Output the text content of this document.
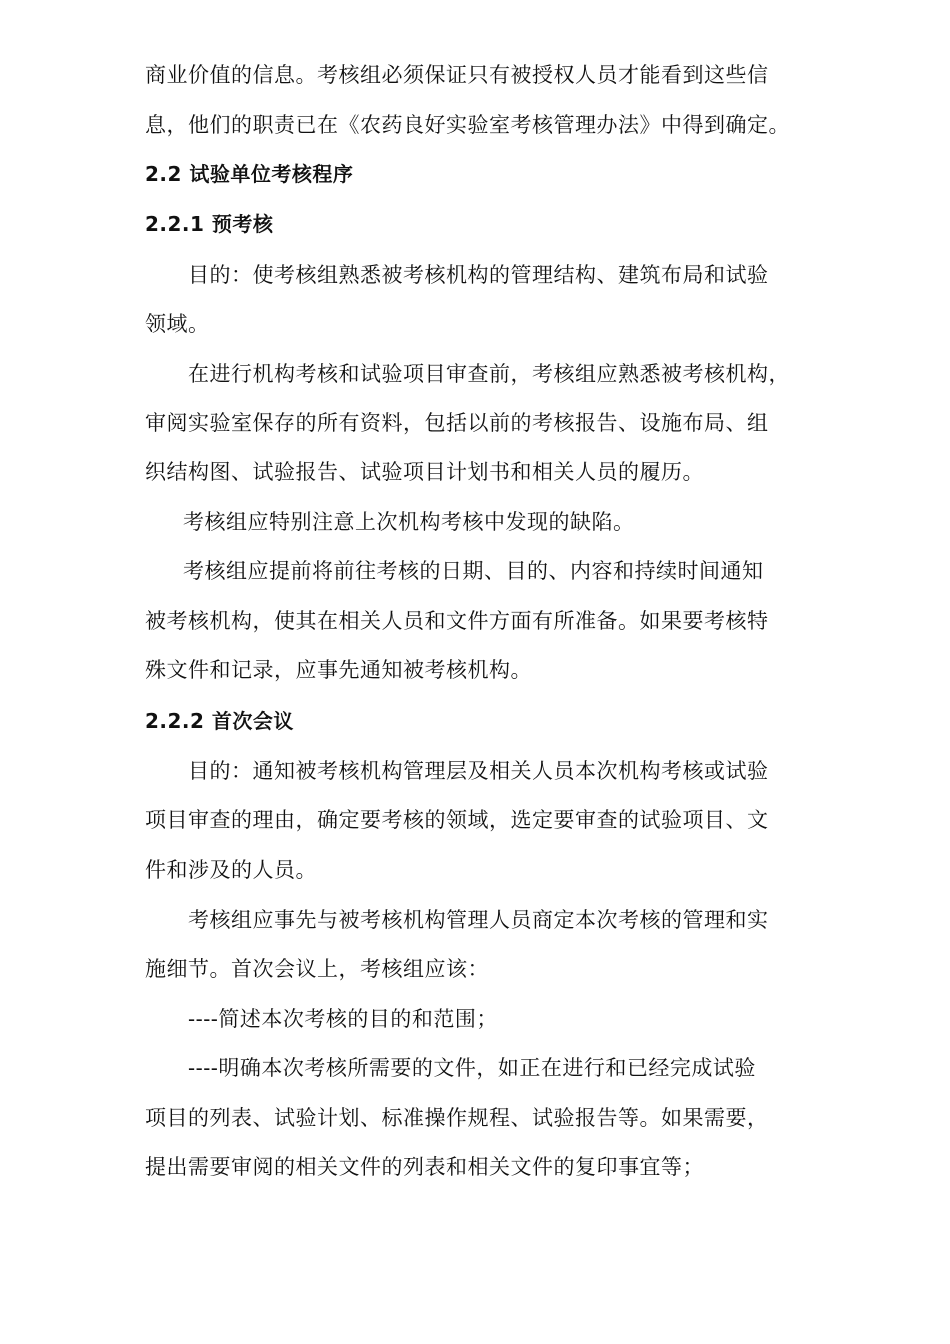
商业价值的信息。考核组必须保证只有被授权人员才能看到这些信
息，他们的职责已在《农药良好实验室考核管理办法》中得到确定。
2.2 试验单位考核程序
2.2.1 预考核
目的：使考核组熟悉被考核机构的管理结构、建筑布局和试验
领域。
在进行机构考核和试验项目审查前，考核组应熟悉被考核机构，
审阅实验室保存的所有资料，包括以前的考核报告、设施布局、组
织结构图、试验报告、试验项目计划书和相关人员的履历。
考核组应特别注意上次机构考核中发现的缺陷。
考核组应提前将前往考核的日期、目的、内容和持续时间通知
被考核机构，使其在相关人员和文件方面有所准备。如果要考核特
殊文件和记录，应事先通知被考核机构。
2.2.2 首次会议
目的：通知被考核机构管理层及相关人员本次机构考核或试验
项目审查的理由，确定要考核的领域，选定要审查的试验项目、文
件和涉及的人员。
考核组应事先与被考核机构管理人员商定本次考核的管理和实
施细节。首次会议上，考核组应该：
----简述本次考核的目的和范围；
----明确本次考核所需要的文件，如正在进行和已经完成试验
项目的列表、试验计划、标准操作规程、试验报告等。如果需要，
提出需要审阅的相关文件的列表和相关文件的复印事宜等；
